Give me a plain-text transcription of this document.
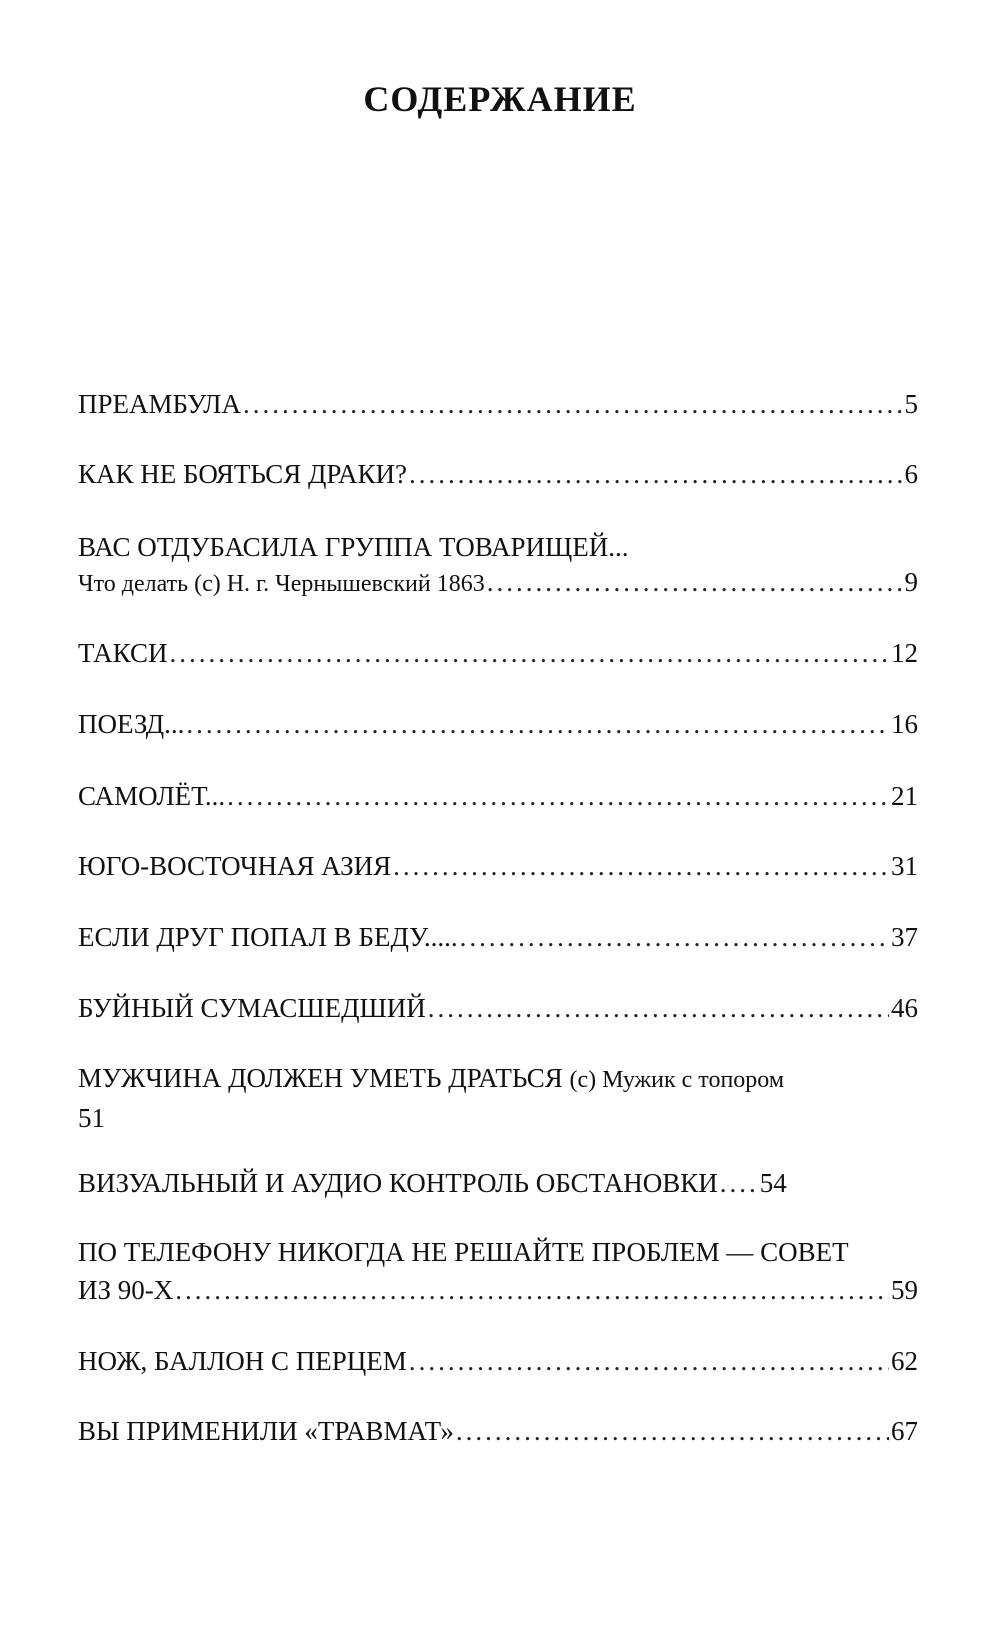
СОДЕРЖАНИЕ
ПРЕАМБУЛА .....	5
КАК НЕ БОЯТЬСЯ ДРАКИ? .....	6
ВАС ОТДУБАСИЛА ГРУППА ТОВАРИЩЕЙ...
Что делать (с) Н. г. Чернышевский 1863 .....	9
ТАКСИ .....	12
ПОЕЗД... .....	16
САМОЛЁТ... .....	21
ЮГО-ВОСТОЧНАЯ АЗИЯ .....	31
ЕСЛИ ДРУГ ПОПАЛ В БЕДУ..... .....	37
БУЙНЫЙ СУМАСШЕДШИЙ .....	46
МУЖЧИНА ДОЛЖЕН УМЕТЬ ДРАТЬСЯ (с) Мужик с топором
51
ВИЗУАЛЬНЫЙ И АУДИО КОНТРОЛЬ ОБСТАНОВКИ ..... 54
ПО ТЕЛЕФОНУ НИКОГДА НЕ РЕШАЙТЕ ПРОБЛЕМ — СОВЕТ
ИЗ 90-Х .....	59
НОЖ, БАЛЛОН С ПЕРЦЕМ .....	62
ВЫ ПРИМЕНИЛИ «ТРАВМАТ» .....	67
